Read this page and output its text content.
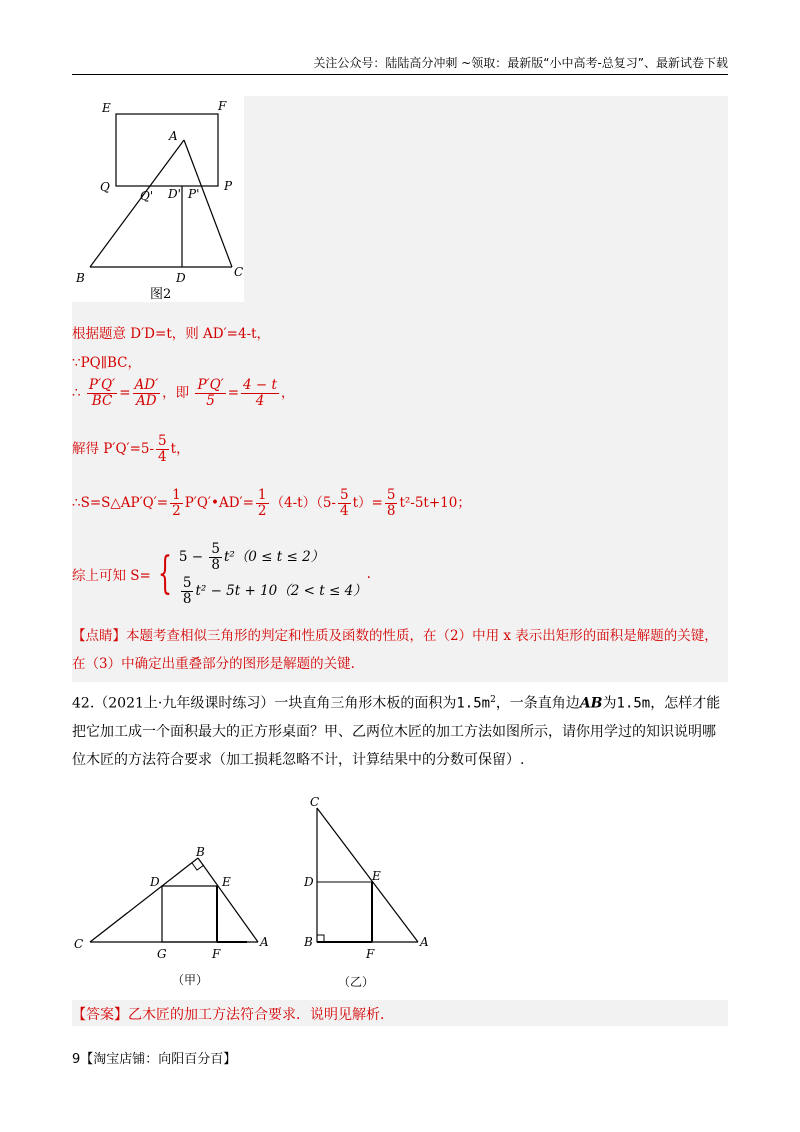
关注公众号：陆陆高分冲刺 ~领取：最新版“小中高考-总复习”、最新试卷下载
E	F
A
Q
Q' D' P'
P
B	D	C
图2
根据题意 D′D=t，则 AD′=4-t，
∵PQ∥BC，
∴ $\frac{P'Q'}{BC} = \frac{AD'}{AD}$ ，即 $\frac{P'Q'}{5} = \frac{4 - t}{4}$ ，
解得 $P'Q'=5- \frac{5}{4}$ t，
∴S=S△AP′Q′= $\frac{1}{2}$ P′Q′•AD′= $\frac{1}{2} (4-t)(5- \frac{5}{4} t)= \frac{5}{8} t^2-5t+10$；
综上可知 S= { $5 - \frac{5}{8} t^2(0 \le t \le 2)$
$\frac{5}{8} t^2 - 5t + 10(2 < t \le 4)$
.
【点睛】本题考查相似三角形的判定和性质及函数的性质，在（2）中用 x 表示出矩形的面积是解题的关键，在（3）中确定出重叠部分的图形是解题的关键.
42.（2021上·九年级课时练习）一块直角三角形木板的面积为$1.5m^2$，一条直角边AB为1.5m，怎样才能把它加工成一个面积最大的正方形桌面？甲、乙两位木匠的加工方法如图所示，请你用学过的知识说明哪位木匠的方法符合要求（加工损耗忽略不计，计算结果中的分数可保留）.
B
D	E
C
G	F
A
（甲）
C
D	E
B
F
A
（乙）
【答案】乙木匠的加工方法符合要求．说明见解析．
9【淘宝店铺：向阳百分百】
